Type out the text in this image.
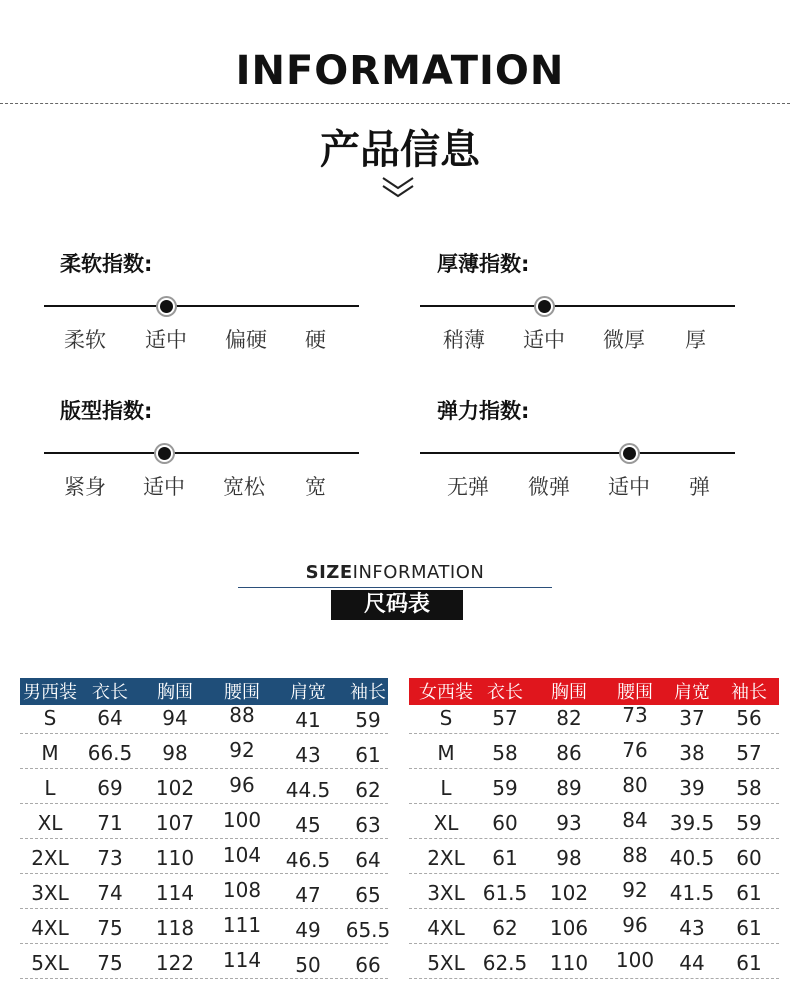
INFORMATION
产品信息
柔软指数:
柔软 适中 偏硬 硬
厚薄指数:
稍薄 适中 微厚 厚
版型指数:
紧身 适中 宽松 宽
弹力指数:
无弹 微弹 适中 弹
SIZEINFORMATION
尺码表
男西装 衣长	胸围	腰围	肩宽	袖长
S	64	94	88	41	59
M	66.5	98	92	43	61
L	69	102	96	44.5	62
XL	71	107	100	45	63
2XL	73	110	104	46.5	64
3XL	74	114	108	47	65
4XL	75	118	111	49	65.5
5XL	75	122	114	50	66
女西装 衣长	胸围	腰围	肩宽	袖长
S	57	82	73	37	56
M	58	86	76	38	57
L	59	89	80	39	58
XL	60	93	84	39.5	59
2XL	61	98	88	40.5	60
3XL 61.5	102	92	41.5	61
4XL	62	106	96	43	61
5XL 62.5	110	100	44	61
